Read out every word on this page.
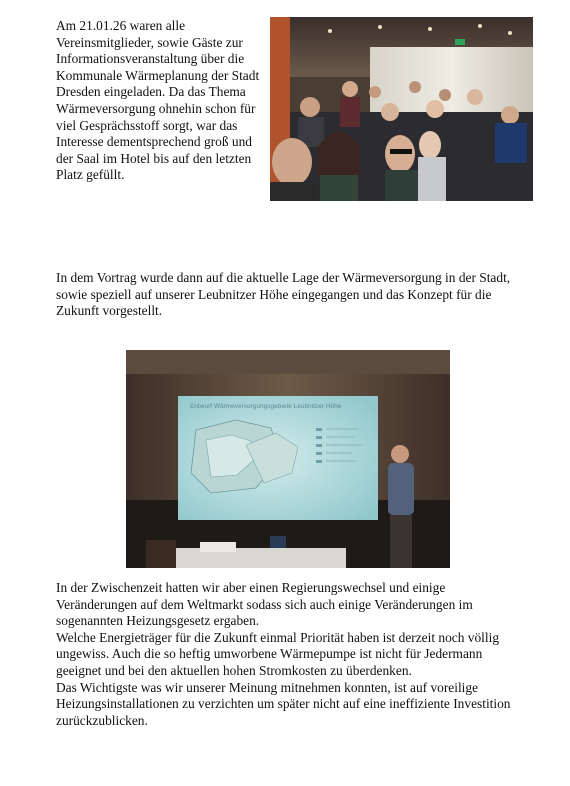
Am 21.01.26 waren alle Vereinsmitglieder, sowie Gäste zur Informationsveranstaltung über die Kommunale Wärmeplanung der Stadt Dresden eingeladen. Da das Thema Wärmeversorgung ohnehin schon für viel Gesprächsstoff sorgt, war das Interesse dementsprechend groß und der Saal im Hotel bis auf den letzten Platz gefüllt.

In dem Vortrag wurde dann auf die aktuelle Lage der Wärmeversorgung in der Stadt, sowie speziell auf unserer Leubnitzer Höhe eingegangen und das Konzept für die Zukunft vorgestellt.

Entwurf Wärmeversorgungsgebiete Leubnitzer Höhe
In der Zwischenzeit hatten wir aber einen Regierungswechsel und einige Veränderungen auf dem Weltmarkt sodass sich auch einige Veränderungen im sogenannten Heizungsgesetz ergaben.
Welche Energieträger für die Zukunft einmal Priorität haben ist derzeit noch völlig ungewiss. Auch die so heftig umworbene Wärmepumpe ist nicht für Jedermann geeignet und bei den aktuellen hohen Stromkosten zu überdenken.
Das Wichtigste was wir unserer Meinung mitnehmen konnten, ist auf voreilige Heizungsinstallationen zu verzichten um später nicht auf eine ineffiziente Investition zurückzublicken.
